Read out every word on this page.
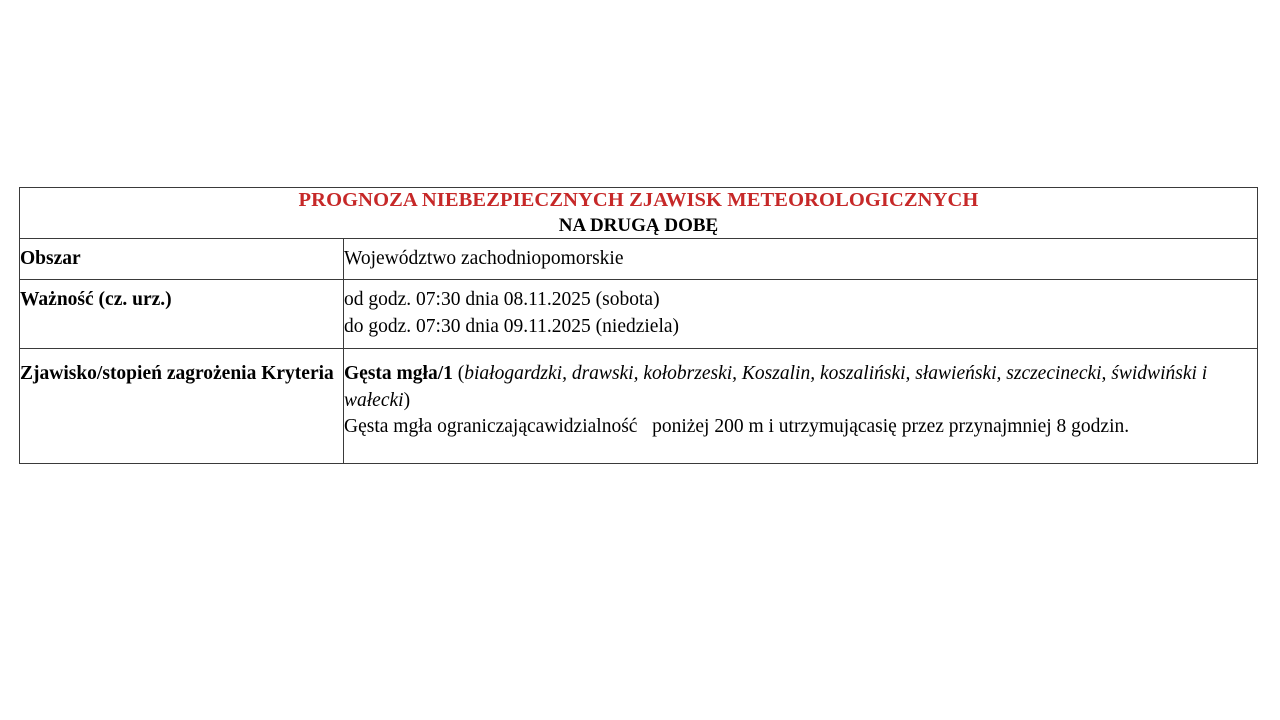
PROGNOZA NIEBEZPIECZNYCH ZJAWISK METEOROLOGICZNYCH
NA DRUGĄ DOBĘ	

Obszar	Województwo zachodniopomorskie

Ważność (cz. urz.)	od godz. 07:30 dnia 08.11.2025 (sobota)
do godz. 07:30 dnia 09.11.2025 (niedziela)

Zjawisko/stopień zagrożenia Kryteria	Gęsta mgła/1 (białogardzki, drawski, kołobrzeski, Koszalin, koszaliński, sławieński, szczecinecki, świdwiński i wałecki)
Gęsta mgła ograniczającawidzialność   poniżej 200 m i utrzymującasię przez przynajmniej 8 godzin.
